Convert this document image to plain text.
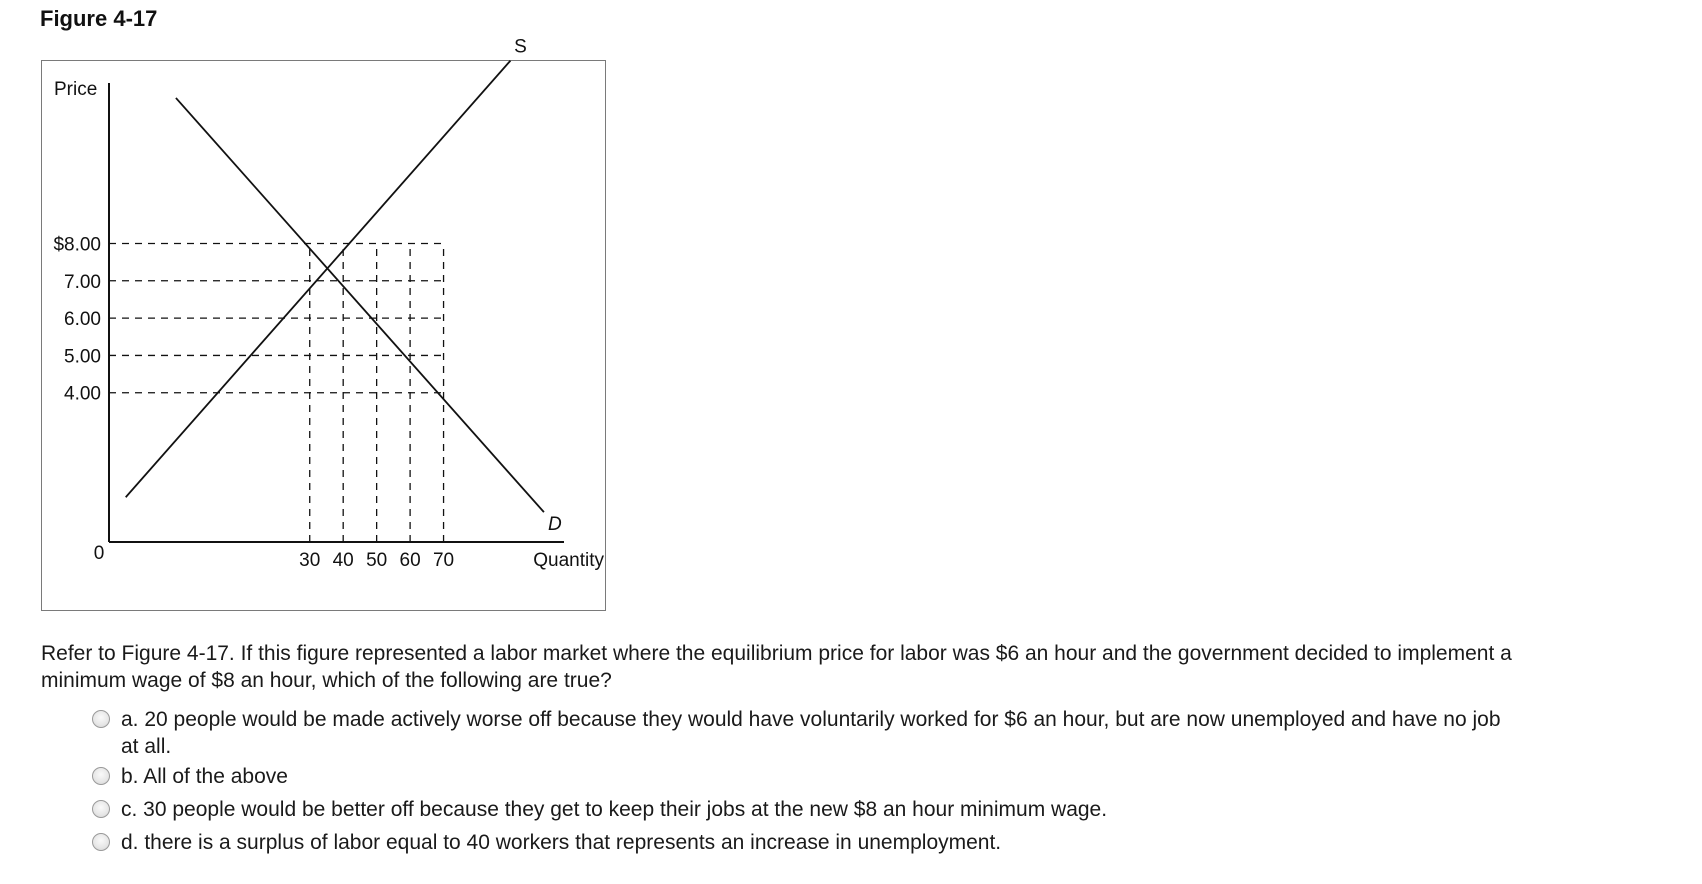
Figure 4-17
$8.00
7.00
6.00
5.00
4.00
30 40 50 60 70
S
D
Price
Quantity
0
Refer to Figure 4-17. If this figure represented a labor market where the equilibrium price for labor was $6 an hour and the government decided to implement a minimum wage of $8 an hour, which of the following are true?
a. 20 people would be made actively worse off because they would have voluntarily worked for $6 an hour, but are now unemployed and have no job at all.
b. All of the above
c. 30 people would be better off because they get to keep their jobs at the new $8 an hour minimum wage.
d. there is a surplus of labor equal to 40 workers that represents an increase in unemployment.
